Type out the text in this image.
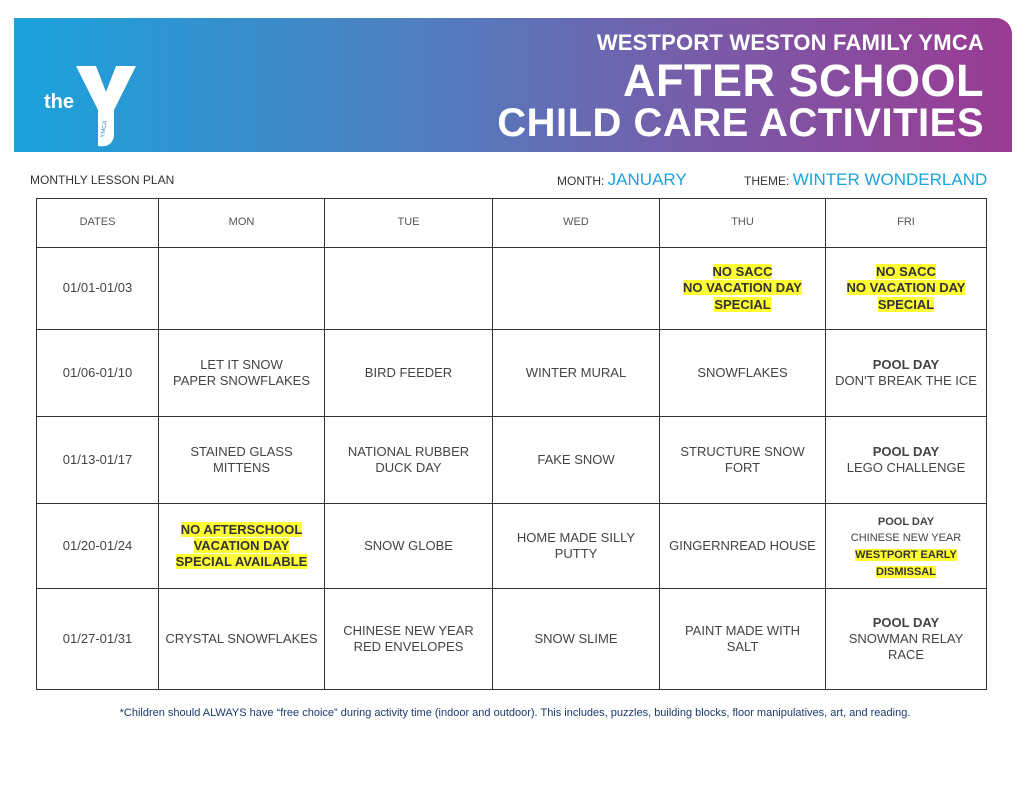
the
YMCA
WESTPORT WESTON FAMILY YMCA
AFTER SCHOOL
CHILD CARE ACTIVITIES
MONTHLY LESSON PLAN	MONTH: JANUARY	THEME: WINTER WONDERLAND
DATES	MON	TUE	WED	THU	FRI
01/01-01/03				NO SACC
NO VACATION DAY
SPECIAL	NO SACC
NO VACATION DAY
SPECIAL
01/06-01/10	LET IT SNOW
PAPER SNOWFLAKES	BIRD FEEDER	WINTER MURAL	SNOWFLAKES	POOL DAY
DON’T BREAK THE ICE
01/13-01/17	STAINED GLASS
MITTENS	NATIONAL RUBBER
DUCK DAY	FAKE SNOW	STRUCTURE SNOW
FORT	POOL DAY
LEGO CHALLENGE
01/20-01/24	NO AFTERSCHOOL
VACATION DAY
SPECIAL AVAILABLE	SNOW GLOBE	HOME MADE SILLY
PUTTY	GINGERNREAD HOUSE	POOL DAY
CHINESE NEW YEAR
WESTPORT EARLY
DISMISSAL
01/27-01/31	CRYSTAL SNOWFLAKES	CHINESE NEW YEAR
RED ENVELOPES	SNOW SLIME	PAINT MADE WITH
SALT	POOL DAY
SNOWMAN RELAY
RACE
*Children should ALWAYS have “free choice” during activity time (indoor and outdoor). This includes, puzzles, building blocks, floor manipulatives, art, and reading.
